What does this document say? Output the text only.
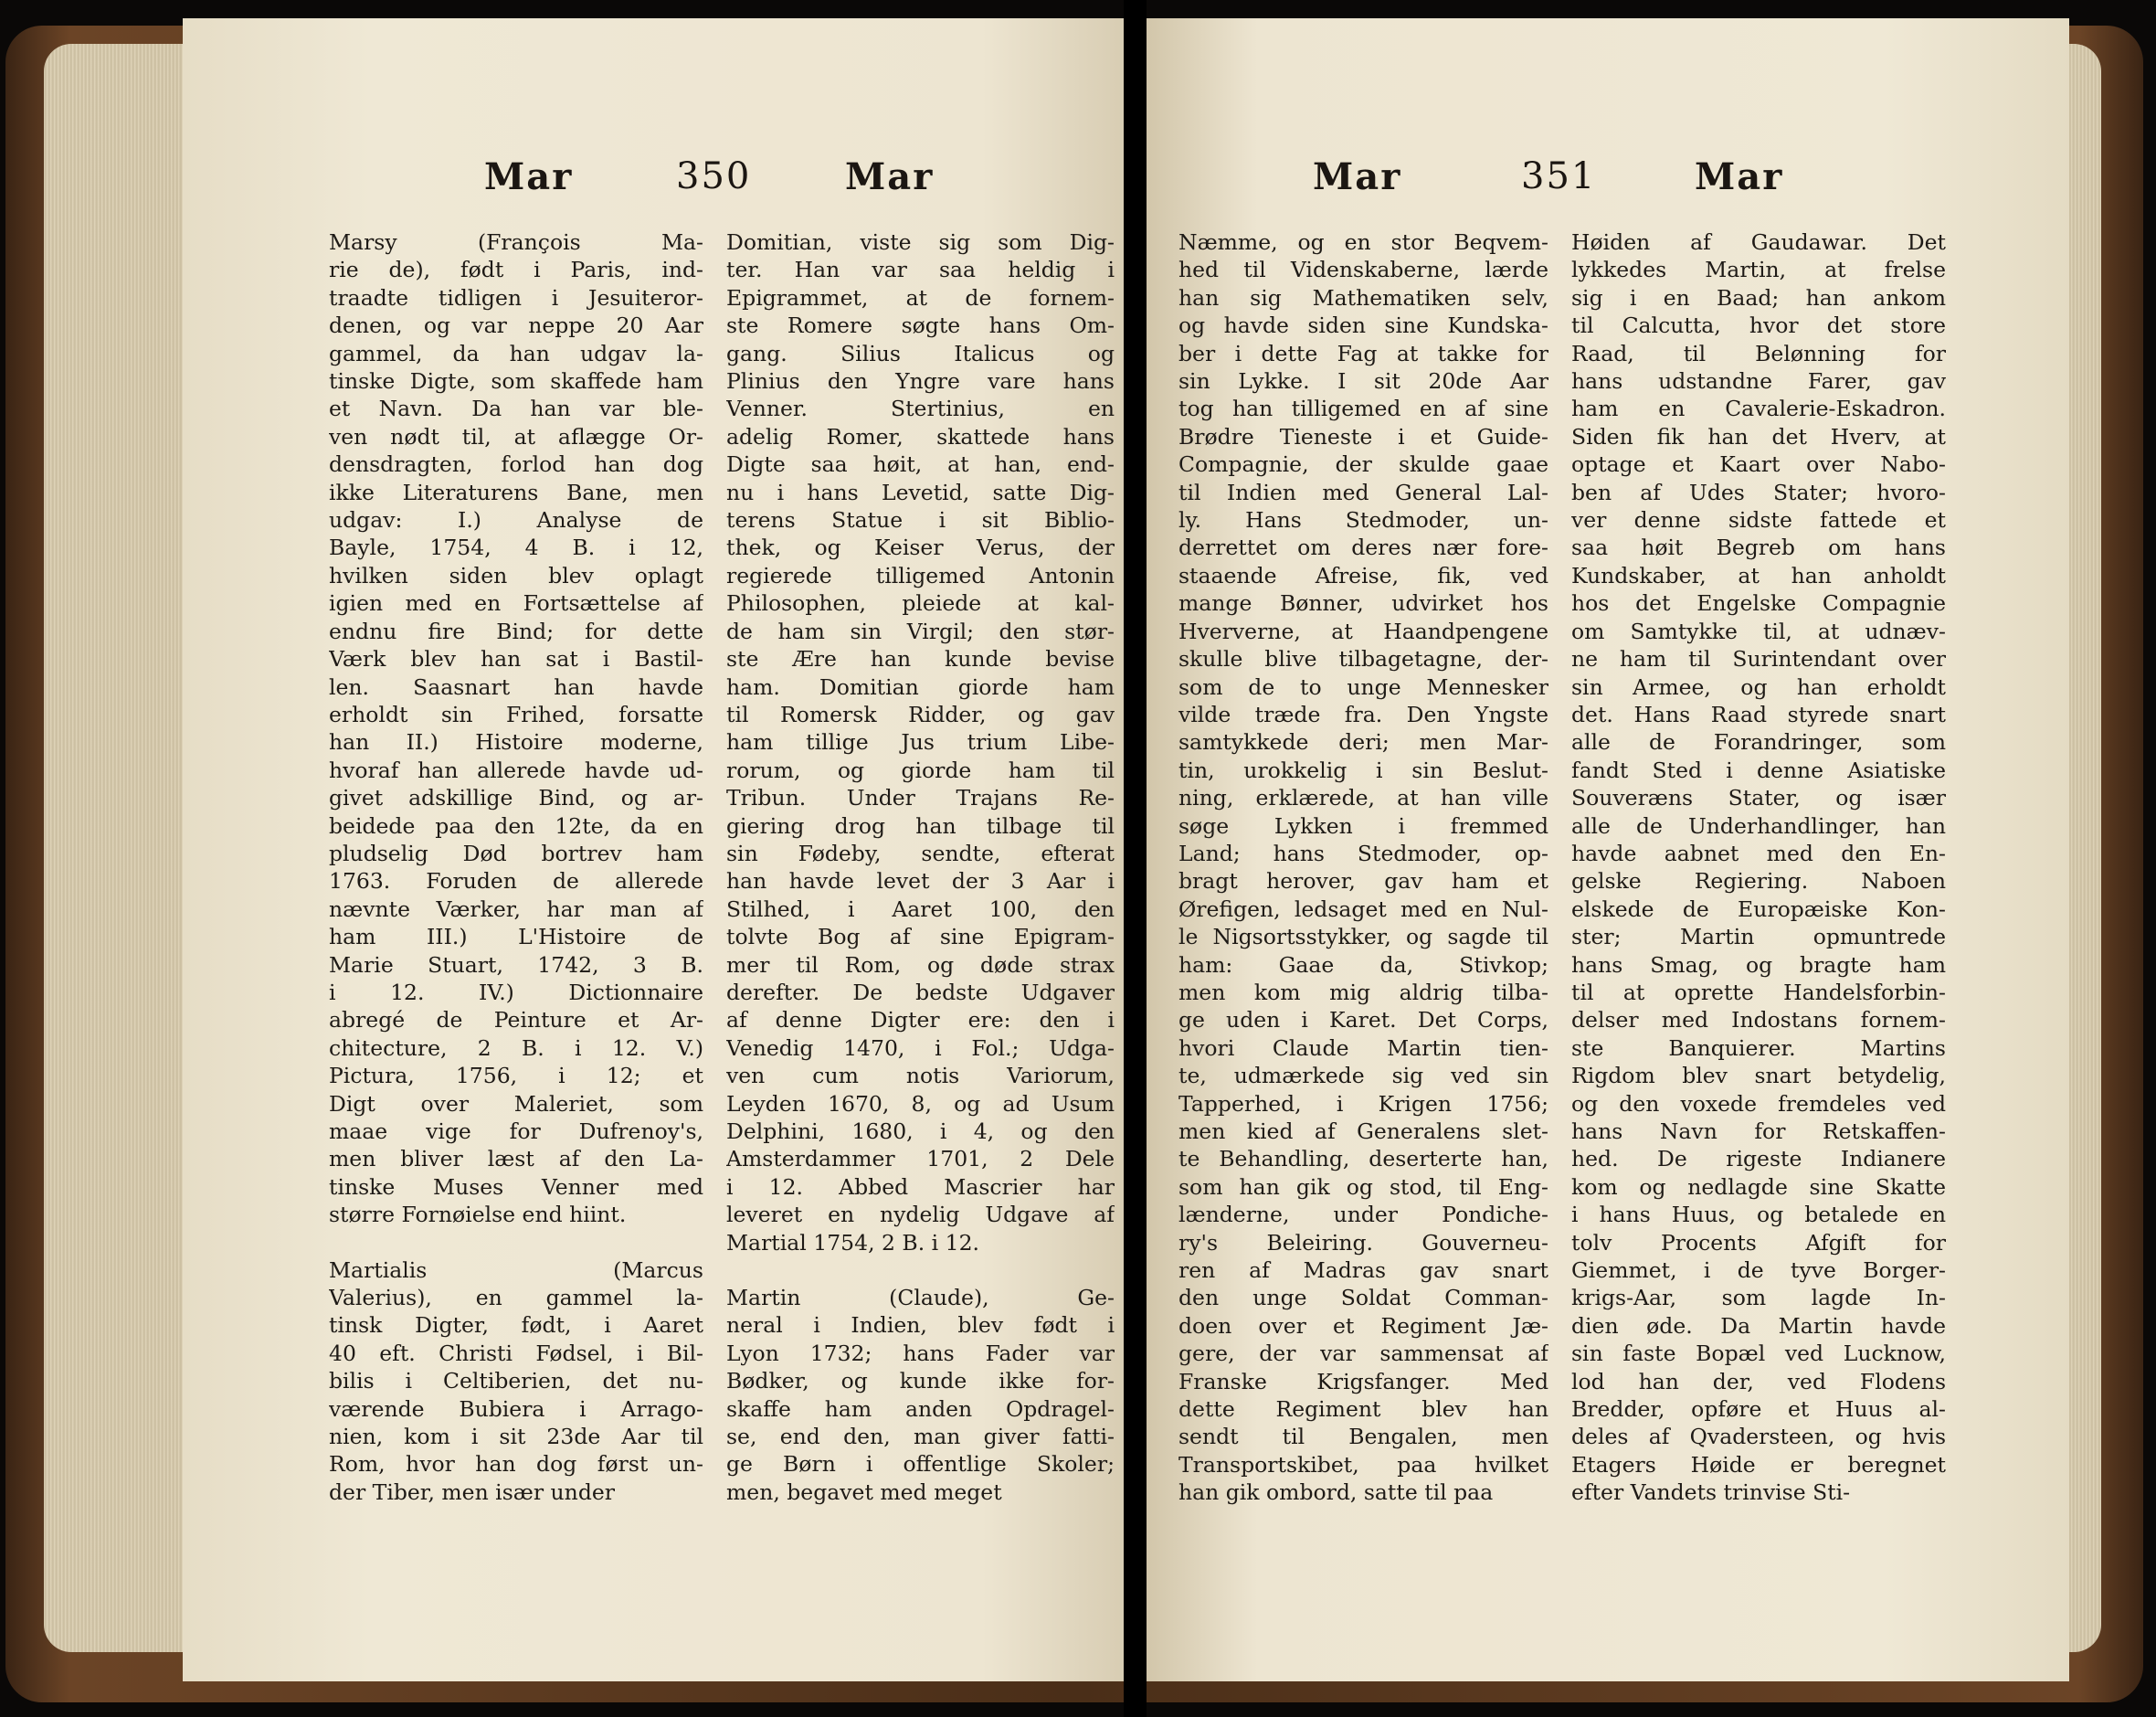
Mar	350	Mar
Marsy (François Ma-
rie de), født i Paris, ind-
traadte tidligen i Jesuiteror-
denen, og var neppe 20 Aar
gammel, da han udgav la-
tinske Digte, som skaffede ham
et Navn. Da han var ble-
ven nødt til, at aflægge Or-
densdragten, forlod han dog
ikke Literaturens Bane, men
udgav: I.) Analyse de
Bayle, 1754, 4 B. i 12,
hvilken siden blev oplagt
igien med en Fortsættelse af
endnu fire Bind; for dette
Værk blev han sat i Bastil-
len. Saasnart han havde
erholdt sin Frihed, forsatte
han II.) Histoire moderne,
hvoraf han allerede havde ud-
givet adskillige Bind, og ar-
beidede paa den 12te, da en
pludselig Død bortrev ham
1763. Foruden de allerede
nævnte Værker, har man af
ham III.) L'Histoire de
Marie Stuart, 1742, 3 B.
i 12. IV.) Dictionnaire
abregé de Peinture et Ar-
chitecture, 2 B. i 12. V.)
Pictura, 1756, i 12; et
Digt over Maleriet, som
maae vige for Dufrenoy's,
men bliver læst af den La-
tinske Muses Venner med
større Fornøielse end hiint.
Martialis (Marcus
Valerius), en gammel la-
tinsk Digter, født, i Aaret
40 eft. Christi Fødsel, i Bil-
bilis i Celtiberien, det nu-
værende Bubiera i Arrago-
nien, kom i sit 23de Aar til
Rom, hvor han dog først un-
der Tiber, men især under
Domitian, viste sig som Dig-
ter. Han var saa heldig i
Epigrammet, at de fornem-
ste Romere søgte hans Om-
gang. Silius Italicus og
Plinius den Yngre vare hans
Venner. Stertinius, en
adelig Romer, skattede hans
Digte saa høit, at han, end-
nu i hans Levetid, satte Dig-
terens Statue i sit Biblio-
thek, og Keiser Verus, der
regierede tilligemed Antonin
Philosophen, pleiede at kal-
de ham sin Virgil; den stør-
ste Ære han kunde bevise
ham. Domitian giorde ham
til Romersk Ridder, og gav
ham tillige Jus trium Libe-
rorum, og giorde ham til
Tribun. Under Trajans Re-
giering drog han tilbage til
sin Fødeby, sendte, efterat
han havde levet der 3 Aar i
Stilhed, i Aaret 100, den
tolvte Bog af sine Epigram-
mer til Rom, og døde strax
derefter. De bedste Udgaver
af denne Digter ere: den i
Venedig 1470, i Fol.; Udga-
ven cum notis Variorum,
Leyden 1670, 8, og ad Usum
Delphini, 1680, i 4, og den
Amsterdammer 1701, 2 Dele
i 12. Abbed Mascrier har
leveret en nydelig Udgave af
Martial 1754, 2 B. i 12.
Martin (Claude), Ge-
neral i Indien, blev født i
Lyon 1732; hans Fader var
Bødker, og kunde ikke for-
skaffe ham anden Opdragel-
se, end den, man giver fatti-
ge Børn i offentlige Skoler;
men, begavet med meget
Mar	351	Mar
Næmme, og en stor Beqvem-
hed til Videnskaberne, lærde
han sig Mathematiken selv,
og havde siden sine Kundska-
ber i dette Fag at takke for
sin Lykke. I sit 20de Aar
tog han tilligemed en af sine
Brødre Tieneste i et Guide-
Compagnie, der skulde gaae
til Indien med General Lal-
ly. Hans Stedmoder, un-
derrettet om deres nær fore-
staaende Afreise, fik, ved
mange Bønner, udvirket hos
Hververne, at Haandpengene
skulle blive tilbagetagne, der-
som de to unge Mennesker
vilde træde fra. Den Yngste
samtykkede deri; men Mar-
tin, urokkelig i sin Beslut-
ning, erklærede, at han ville
søge Lykken i fremmed
Land; hans Stedmoder, op-
bragt herover, gav ham et
Ørefigen, ledsaget med en Nul-
le Nigsortsstykker, og sagde til
ham: Gaae da, Stivkop;
men kom mig aldrig tilba-
ge uden i Karet. Det Corps,
hvori Claude Martin tien-
te, udmærkede sig ved sin
Tapperhed, i Krigen 1756;
men kied af Generalens slet-
te Behandling, deserterte han,
som han gik og stod, til Eng-
lænderne, under Pondiche-
ry's Beleiring. Gouverneu-
ren af Madras gav snart
den unge Soldat Comman-
doen over et Regiment Jæ-
gere, der var sammensat af
Franske Krigsfanger. Med
dette Regiment blev han
sendt til Bengalen, men
Transportskibet, paa hvilket
han gik ombord, satte til paa
Høiden af Gaudawar. Det
lykkedes Martin, at frelse
sig i en Baad; han ankom
til Calcutta, hvor det store
Raad, til Belønning for
hans udstandne Farer, gav
ham en Cavalerie-Eskadron.
Siden fik han det Hverv, at
optage et Kaart over Nabo-
ben af Udes Stater; hvoro-
ver denne sidste fattede et
saa høit Begreb om hans
Kundskaber, at han anholdt
hos det Engelske Compagnie
om Samtykke til, at udnæv-
ne ham til Surintendant over
sin Armee, og han erholdt
det. Hans Raad styrede snart
alle de Forandringer, som
fandt Sted i denne Asiatiske
Souveræns Stater, og især
alle de Underhandlinger, han
havde aabnet med den En-
gelske Regiering. Naboen
elskede de Europæiske Kon-
ster; Martin opmuntrede
hans Smag, og bragte ham
til at oprette Handelsforbin-
delser med Indostans fornem-
ste Banquierer. Martins
Rigdom blev snart betydelig,
og den voxede fremdeles ved
hans Navn for Retskaffen-
hed. De rigeste Indianere
kom og nedlagde sine Skatte
i hans Huus, og betalede en
tolv Procents Afgift for
Giemmet, i de tyve Borger-
krigs-Aar, som lagde In-
dien øde. Da Martin havde
sin faste Bopæl ved Lucknow,
lod han der, ved Flodens
Bredder, opføre et Huus al-
deles af Qvadersteen, og hvis
Etagers Høide er beregnet
efter Vandets trinvise Sti-
